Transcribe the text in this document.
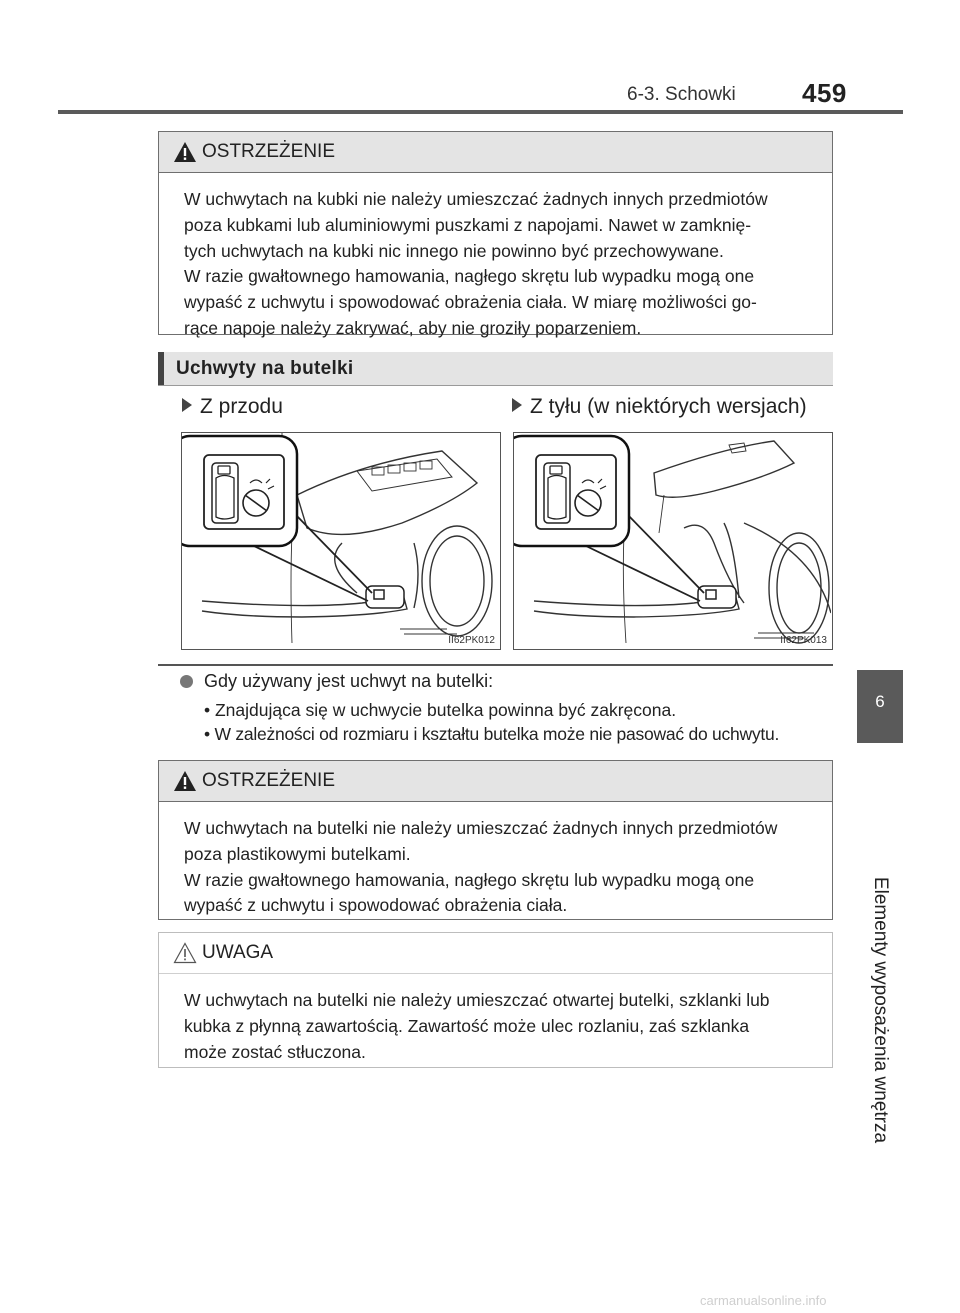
6-3. Schowki	459
OSTRZEŻENIE

W uchwytach na kubki nie należy umieszczać żadnych innych przedmiotów

poza kubkami lub aluminiowymi puszkami z napojami. Nawet w zamknię-

tych uchwytach na kubki nic innego nie powinno być przechowywane.

W razie gwałtownego hamowania, nagłego skrętu lub wypadku mogą one

wypaść z uchwytu i spowodować obrażenia ciała. W miarę możliwości go-

rące napoje należy zakrywać, aby nie groziły poparzeniem.

Uchwyty na butelki
Z przodu	Z tyłu (w niektórych wersjach)
II62PK012	II62PK013
Gdy używany jest uchwyt na butelki:
• Znajdująca się w uchwycie butelka powinna być zakręcona.
• W zależności od rozmiaru i kształtu butelka może nie pasować do uchwytu.
OSTRZEŻENIE

W uchwytach na butelki nie należy umieszczać żadnych innych przedmiotów

poza plastikowymi butelkami.

W razie gwałtownego hamowania, nagłego skrętu lub wypadku mogą one

wypaść z uchwytu i spowodować obrażenia ciała.

UWAGA

W uchwytach na butelki nie należy umieszczać otwartej butelki, szklanki lub

kubka z płynną zawartością. Zawartość może ulec rozlaniu, zaś szklanka

może zostać stłuczona.

6
Elementy wyposażenia wnętrza
carmanualsonline.info
